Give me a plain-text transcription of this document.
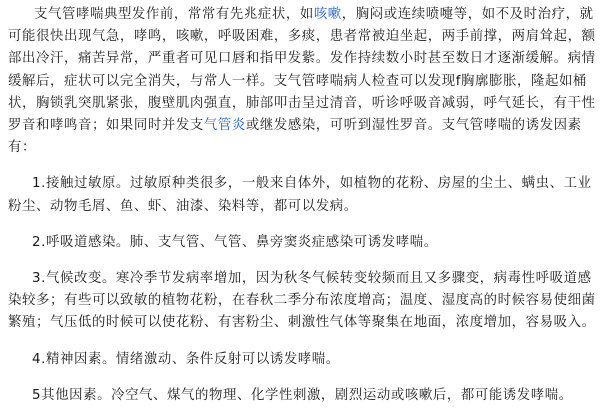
支气管哮喘典型发作前，常常有先兆症状，如咳嗽，胸闷或连续喷嚏等，如不及时治疗，就可能很快出现气急，哮鸣，咳嗽，呼吸困难，多痰，患者常被迫坐起，两手前撑，两肩耸起，额部出冷汗，痛苦异常，严重者可见口唇和指甲发紫。发作持续数小时甚至数日才逐渐缓解。病情缓解后，症状可以完全消失，与常人一样。支气管哮喘病人检查可以发现f胸廓膨胀，隆起如桶状，胸锁乳突肌紧张，腹壁肌肉强直，肺部叩击呈过清音，听诊呼吸音减弱，呼气延长，有干性罗音和哮鸣音；如果同时并发支气管炎或继发感染，可听到湿性罗音。支气管哮喘的诱发因素有：

1.接触过敏原。过敏原种类很多，一般来自体外，如植物的花粉、房屋的尘土、螨虫、工业粉尘、动物毛屑、鱼、虾、油漆、染料等，都可以发病。

2.呼吸道感染。肺、支气管、气管、鼻旁窦炎症感染可诱发哮喘。

3.气候改变。寒冷季节发病率增加，因为秋冬气候转变较频而且又多骤变，病毒性呼吸道感染较多；有些可以致敏的植物花粉，在春秋二季分布浓度增高；温度、湿度高的时候容易使细菌繁殖；气压低的时候可以使花粉、有害粉尘、刺激性气体等聚集在地面，浓度增加，容易吸入。

4.精神因素。情绪激动、条件反射可以诱发哮喘。

5其他因素。冷空气、煤气的物理、化学性刺激，剧烈运动或咳嗽后，都可能诱发哮喘。
